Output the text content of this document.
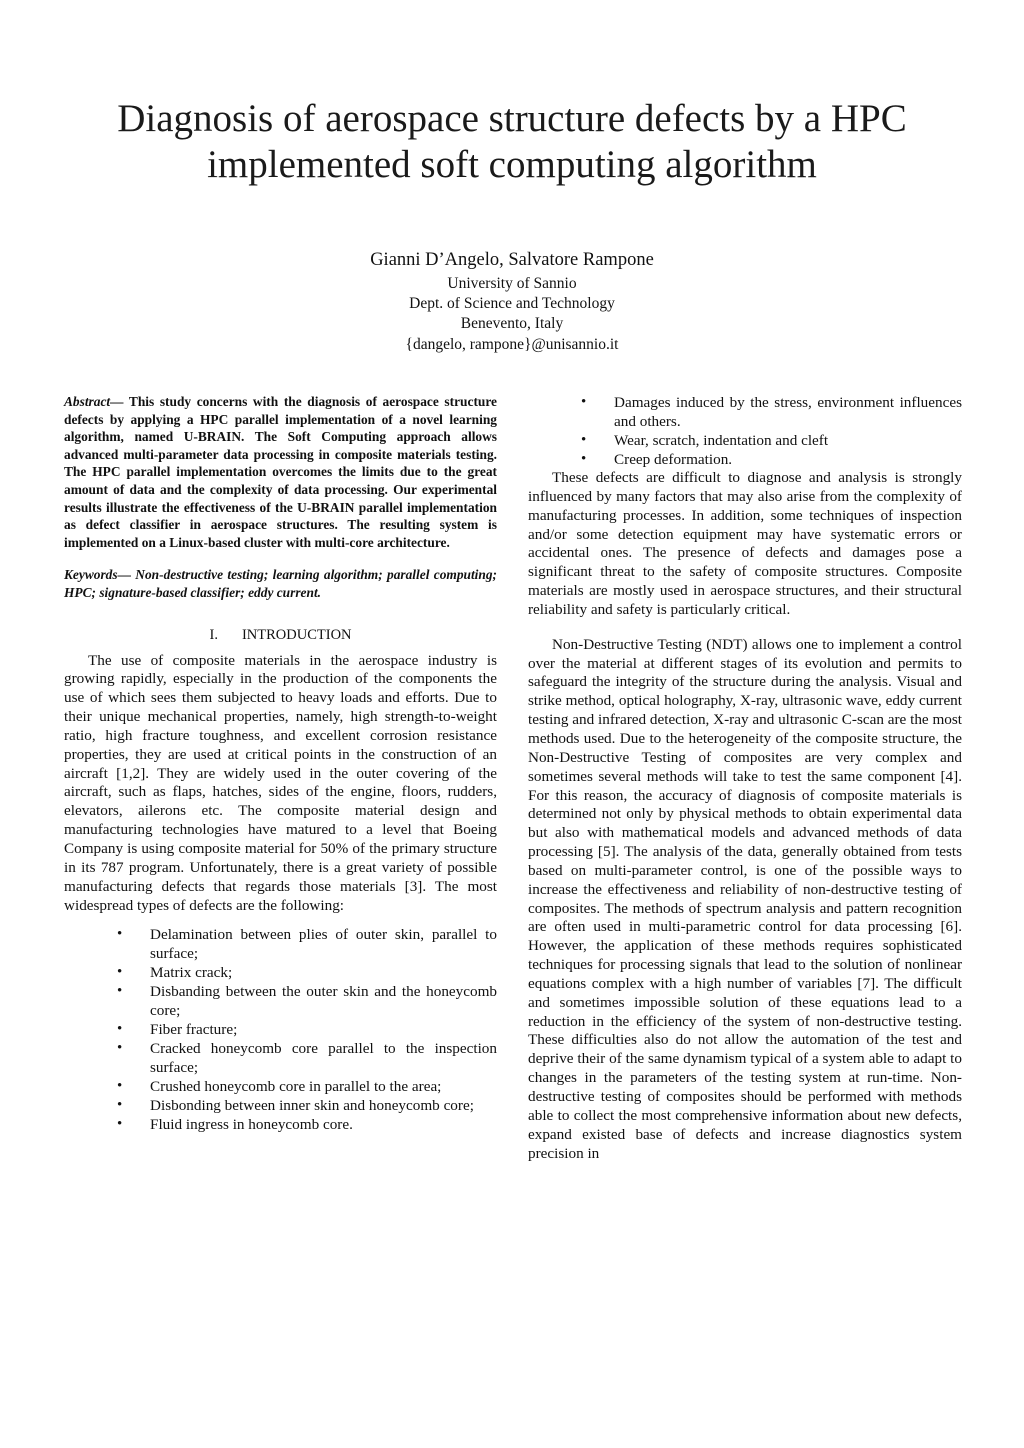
Diagnosis of aerospace structure defects by a HPC implemented soft computing algorithm
Gianni D’Angelo, Salvatore Rampone
University of Sannio
Dept. of Science and Technology
Benevento, Italy
{dangelo, rampone}@unisannio.it

Abstract— This study concerns with the diagnosis of aerospace structure defects by applying a HPC parallel implementation of a novel learning algorithm, named U-BRAIN. The Soft Computing approach allows advanced multi-parameter data processing in composite materials testing. The HPC parallel implementation overcomes the limits due to the great amount of data and the complexity of data processing. Our experimental results illustrate the effectiveness of the U-BRAIN parallel implementation as defect classifier in aerospace structures. The resulting system is implemented on a Linux-based cluster with multi-core architecture.

Keywords— Non-destructive testing; learning algorithm; parallel computing; HPC; signature-based classifier; eddy current.

I. INTRODUCTION

The use of composite materials in the aerospace industry is growing rapidly, especially in the production of the components the use of which sees them subjected to heavy loads and efforts. Due to their unique mechanical properties, namely, high strength-to-weight ratio, high fracture toughness, and excellent corrosion resistance properties, they are used at critical points in the construction of an aircraft [1,2]. They are widely used in the outer covering of the aircraft, such as flaps, hatches, sides of the engine, floors, rudders, elevators, ailerons etc. The composite material design and manufacturing technologies have matured to a level that Boeing Company is using composite material for 50% of the primary structure in its 787 program. Unfortunately, there is a great variety of possible manufacturing defects that regards those materials [3]. The most widespread types of defects are the following:

• Delamination between plies of outer skin, parallel to surface;
• Matrix crack;
• Disbanding between the outer skin and the honeycomb core;
• Fiber fracture;
• Cracked honeycomb core parallel to the inspection surface;
• Crushed honeycomb core in parallel to the area;
• Disbonding between inner skin and honeycomb core;
• Fluid ingress in honeycomb core.
• Damages induced by the stress, environment influences and others.
• Wear, scratch, indentation and cleft
• Creep deformation.

These defects are difficult to diagnose and analysis is strongly influenced by many factors that may also arise from the complexity of manufacturing processes. In addition, some techniques of inspection and/or some detection equipment may have systematic errors or accidental ones. The presence of defects and damages pose a significant threat to the safety of composite structures. Composite materials are mostly used in aerospace structures, and their structural reliability and safety is particularly critical.

Non-Destructive Testing (NDT) allows one to implement a control over the material at different stages of its evolution and permits to safeguard the integrity of the structure during the analysis. Visual and strike method, optical holography, X-ray, ultrasonic wave, eddy current testing and infrared detection, X-ray and ultrasonic C-scan are the most methods used. Due to the heterogeneity of the composite structure, the Non-Destructive Testing of composites are very complex and sometimes several methods will take to test the same component [4]. For this reason, the accuracy of diagnosis of composite materials is determined not only by physical methods to obtain experimental data but also with mathematical models and advanced methods of data processing [5]. The analysis of the data, generally obtained from tests based on multi-parameter control, is one of the possible ways to increase the effectiveness and reliability of non-destructive testing of composites. The methods of spectrum analysis and pattern recognition are often used in multi-parametric control for data processing [6]. However, the application of these methods requires sophisticated techniques for processing signals that lead to the solution of nonlinear equations complex with a high number of variables [7]. The difficult and sometimes impossible solution of these equations lead to a reduction in the efficiency of the system of non-destructive testing. These difficulties also do not allow the automation of the test and deprive their of the same dynamism typical of a system able to adapt to changes in the parameters of the testing system at run-time. Non-destructive testing of composites should be performed with methods able to collect the most comprehensive information about new defects, expand existed base of defects and increase diagnostics system precision in
